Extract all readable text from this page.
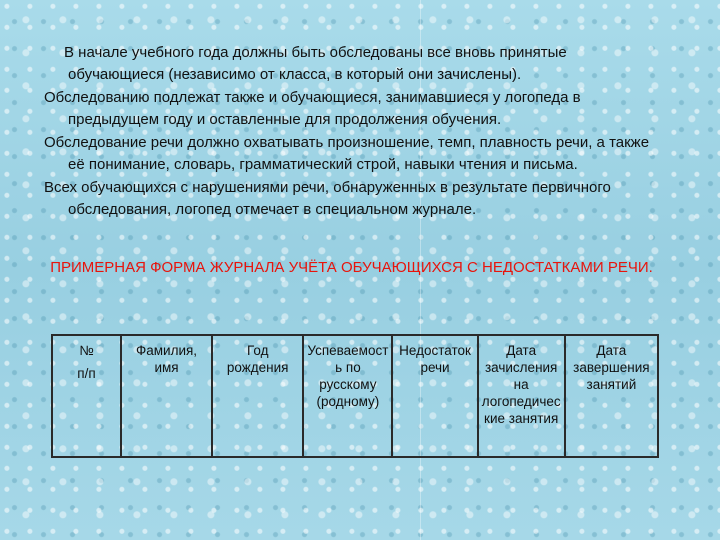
В начале учебного года должны быть обследованы все вновь принятые обучающиеся (независимо от класса, в который они зачислены).

Обследованию подлежат также и обучающиеся, занимавшиеся у логопеда в предыдущем году и оставленные для продолжения обучения.

Обследование речи должно охватывать произношение, темп, плавность речи, а также её понимание, словарь, грамматический строй, навыки чтения и письма.

Всех обучающихся с нарушениями речи, обнаруженных в результате первичного обследования, логопед отмечает в специальном журнале.

ПРИМЕРНАЯ ФОРМА ЖУРНАЛА УЧЁТА ОБУЧАЮЩИХСЯ С НЕДОСТАТКАМИ РЕЧИ.
№
п/п
	Фамилия, имя	Год рождения	Успеваемость по русскому (родному)	Недостаток речи	Дата зачисления на логопедические занятия	Дата завершения занятий
